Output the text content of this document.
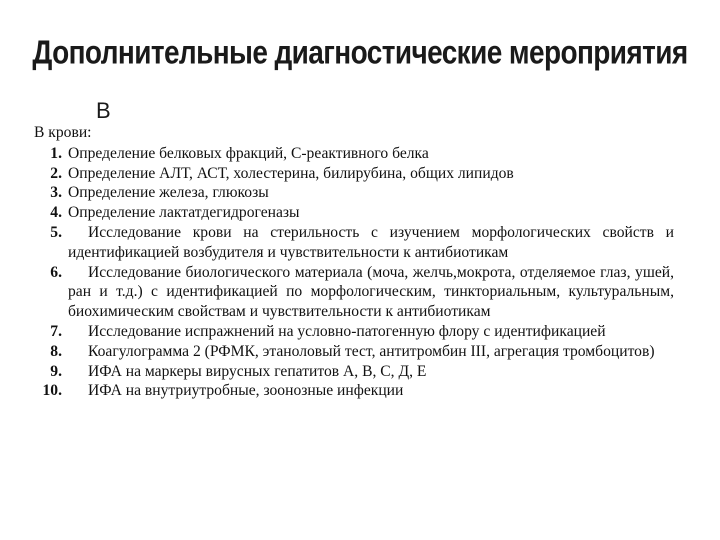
Дополнительные диагностические мероприятия
В
В крови:
1. Определение белковых фракций, С-реактивного белка
2. Определение АЛТ, АСТ, холестерина, билирубина, общих липидов
3. Определение железа, глюкозы
4. Определение лактатдегидрогеназы
5.	Исследование крови на стерильность с изучением морфологических свойств и идентификацией возбудителя и чувствительности к антибиотикам
6.	Исследование биологического материала (моча, желчь,мокрота, отделяемое глаз, ушей, ран и т.д.) с идентификацией по морфологическим, тинкториальным, культуральным, биохимическим свойствам и чувствительности к антибиотикам
7.	Исследование испражнений на условно-патогенную флору с идентификацией
8.	Коагулограмма 2 (РФМК, этаноловый тест, антитромбин III, агрегация тромбоцитов)
9.	ИФА на маркеры вирусных гепатитов А, В, С, Д, Е
10.	ИФА на внутриутробные, зоонозные инфекции
